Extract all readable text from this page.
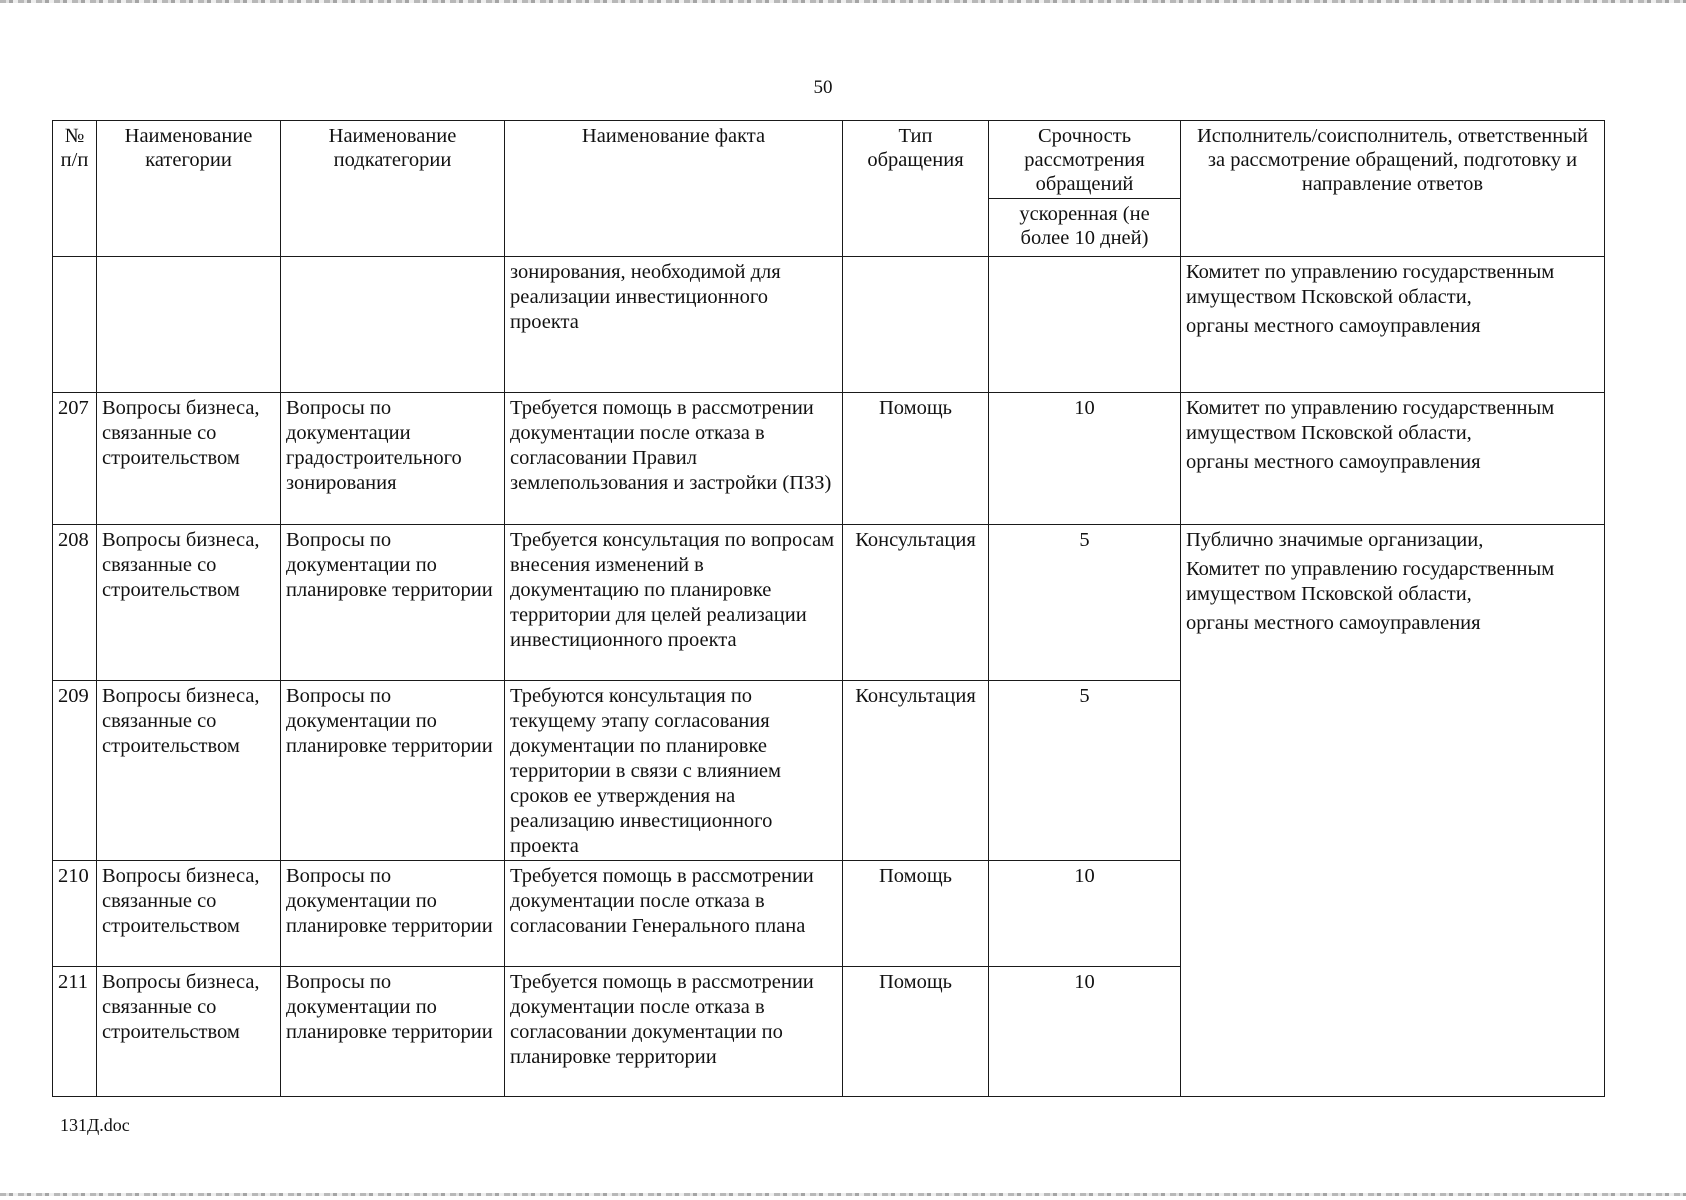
50
№ п/п	Наименование категории	Наименование подкатегории	Наименование факта	Тип обращения	Срочность рассмотрения обращений	Исполнитель/соисполнитель, ответственный за рассмотрение обращений, подготовку и направление ответов
					ускоренная (не более 10 дней)	
			зонирования, необходимой для реализации инвестиционного проекта			Комитет по управлению государственным имуществом Псковской области,
органы местного самоуправления

207	Вопросы бизнеса, связанные со строительством	Вопросы по документации градостроительного зонирования	Требуется помощь в рассмотрении документации после отказа в согласовании Правил землепользования и застройки (ПЗЗ)	Помощь	10	Комитет по управлению государственным имуществом Псковской области,
органы местного самоуправления

208	Вопросы бизнеса, связанные со строительством	Вопросы по документации по планировке территории	Требуется консультация по вопросам внесения изменений в документацию по планировке территории для целей реализации инвестиционного проекта	Консультация	5	Публично значимые организации,
Комитет по управлению государственным имуществом Псковской области,
органы местного самоуправления

209	Вопросы бизнеса, связанные со строительством	Вопросы по документации по планировке территории	Требуются консультация по текущему этапу согласования документации по планировке территории в связи с влиянием сроков ее утверждения на реализацию инвестиционного проекта	Консультация	5	
210	Вопросы бизнеса, связанные со строительством	Вопросы по документации по планировке территории	Требуется помощь в рассмотрении документации после отказа в согласовании Генерального плана	Помощь	10	
211	Вопросы бизнеса, связанные со строительством	Вопросы по документации по планировке территории	Требуется помощь в рассмотрении документации после отказа в согласовании документации по планировке территории	Помощь	10	
131Д.doc
